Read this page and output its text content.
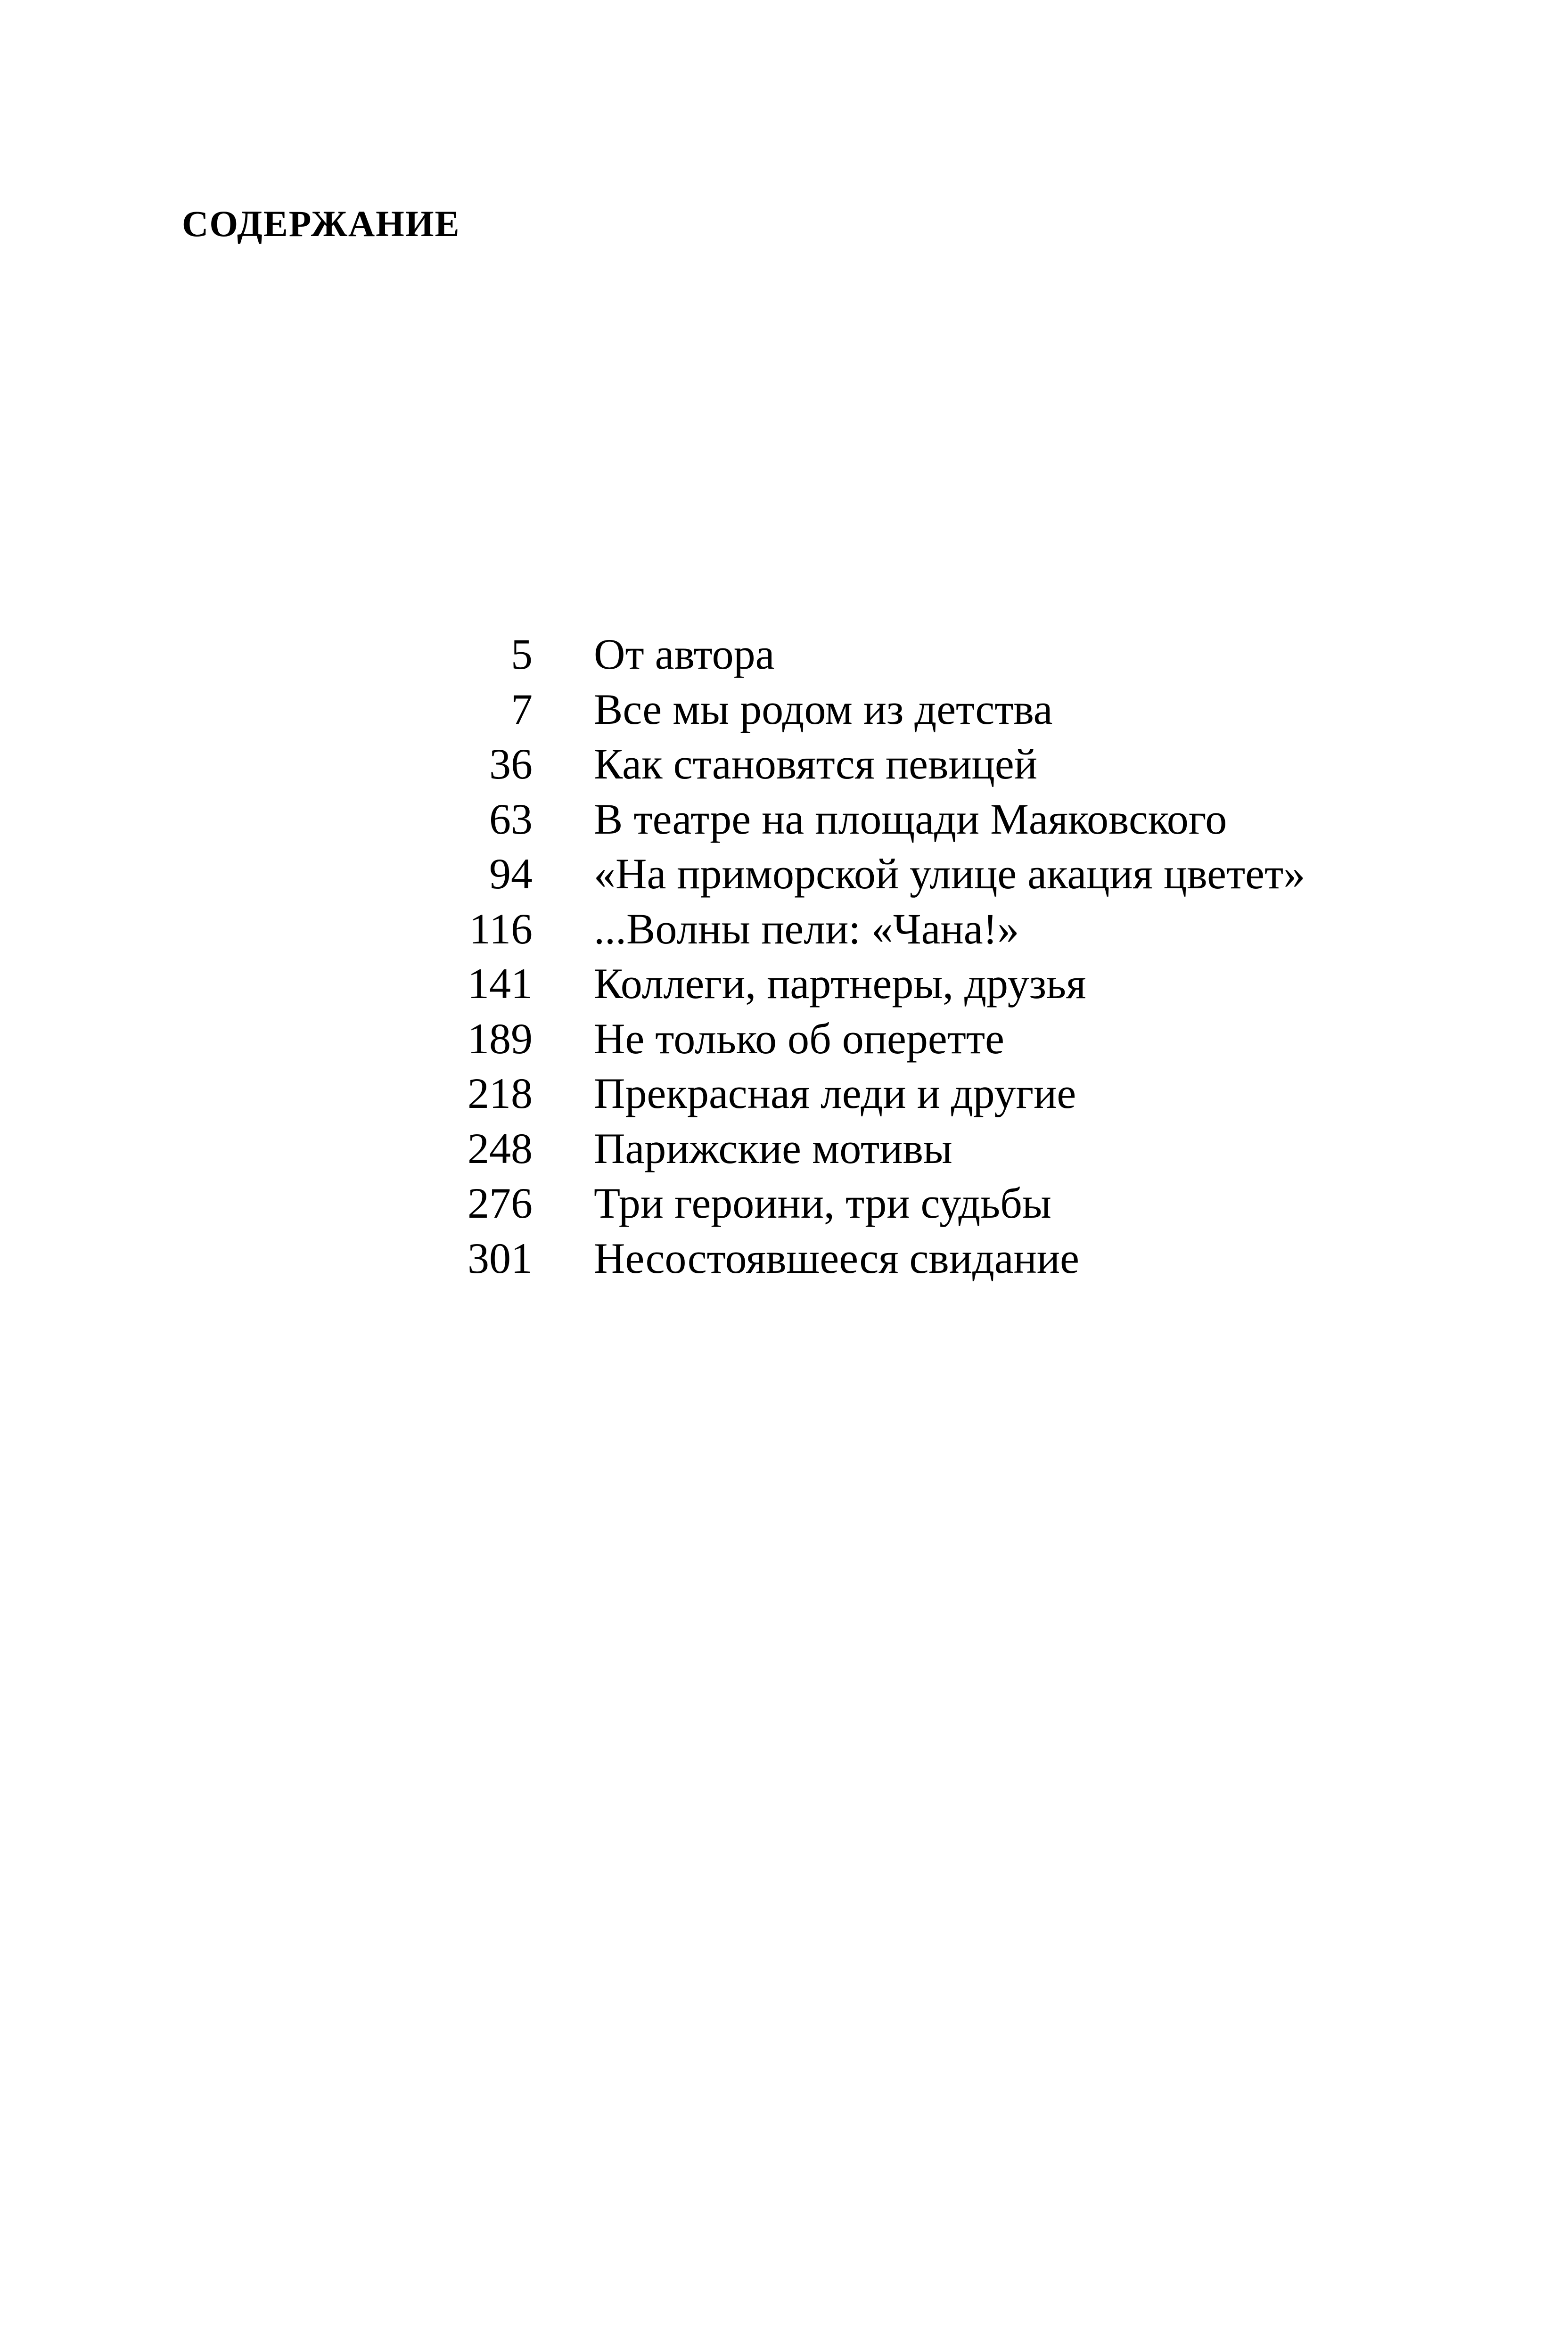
СОДЕРЖАНИЕ
5 От автора
7 Все мы родом из детства
36 Как становятся певицей
63 В театре на площади Маяковского
94 «На приморской улице акация цветет»
116 ...Волны пели: «Чана!»
141 Коллеги, партнеры, друзья
189 Не только об оперетте
218 Прекрасная леди и другие
248 Парижские мотивы
276 Три героини, три судьбы
301 Несостоявшееся свидание
